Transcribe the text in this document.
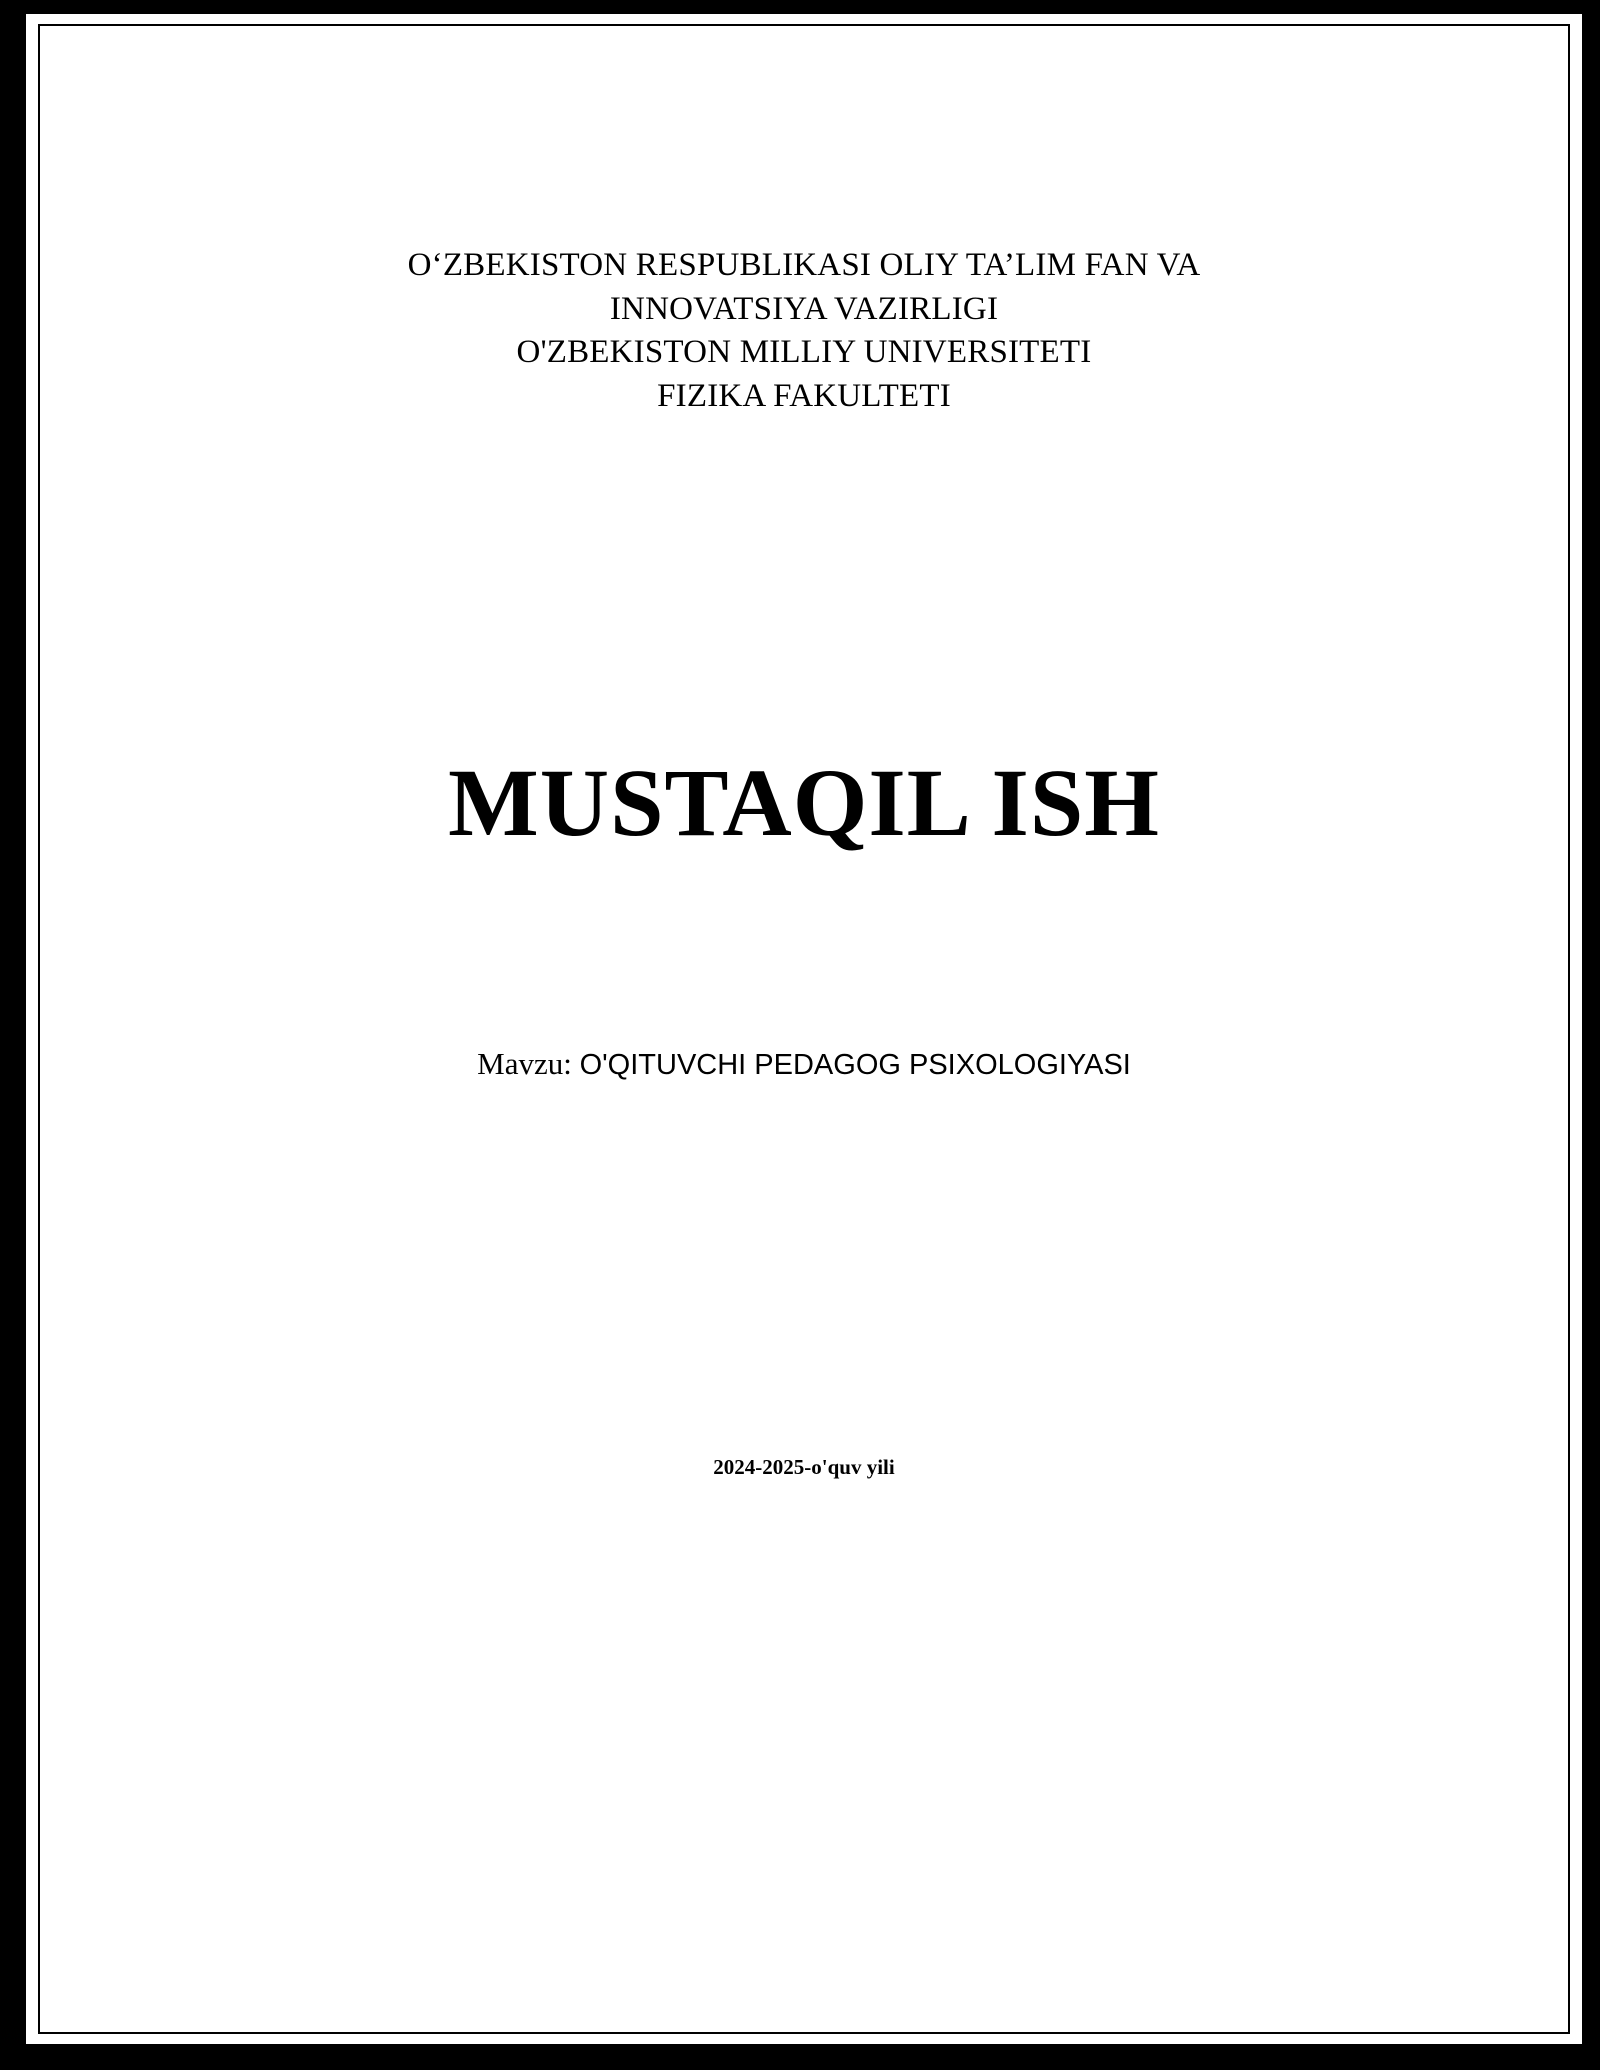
O‘ZBEKISTON RESPUBLIKASI OLIY TA’LIM FAN VA
INNOVATSIYA VAZIRLIGI
O'ZBEKISTON MILLIY UNIVERSITETI
FIZIKA FAKULTETI
MUSTAQIL ISH
Mavzu: O'QITUVCHI PEDAGOG PSIXOLOGIYASI
2024-2025-o'quv yili
